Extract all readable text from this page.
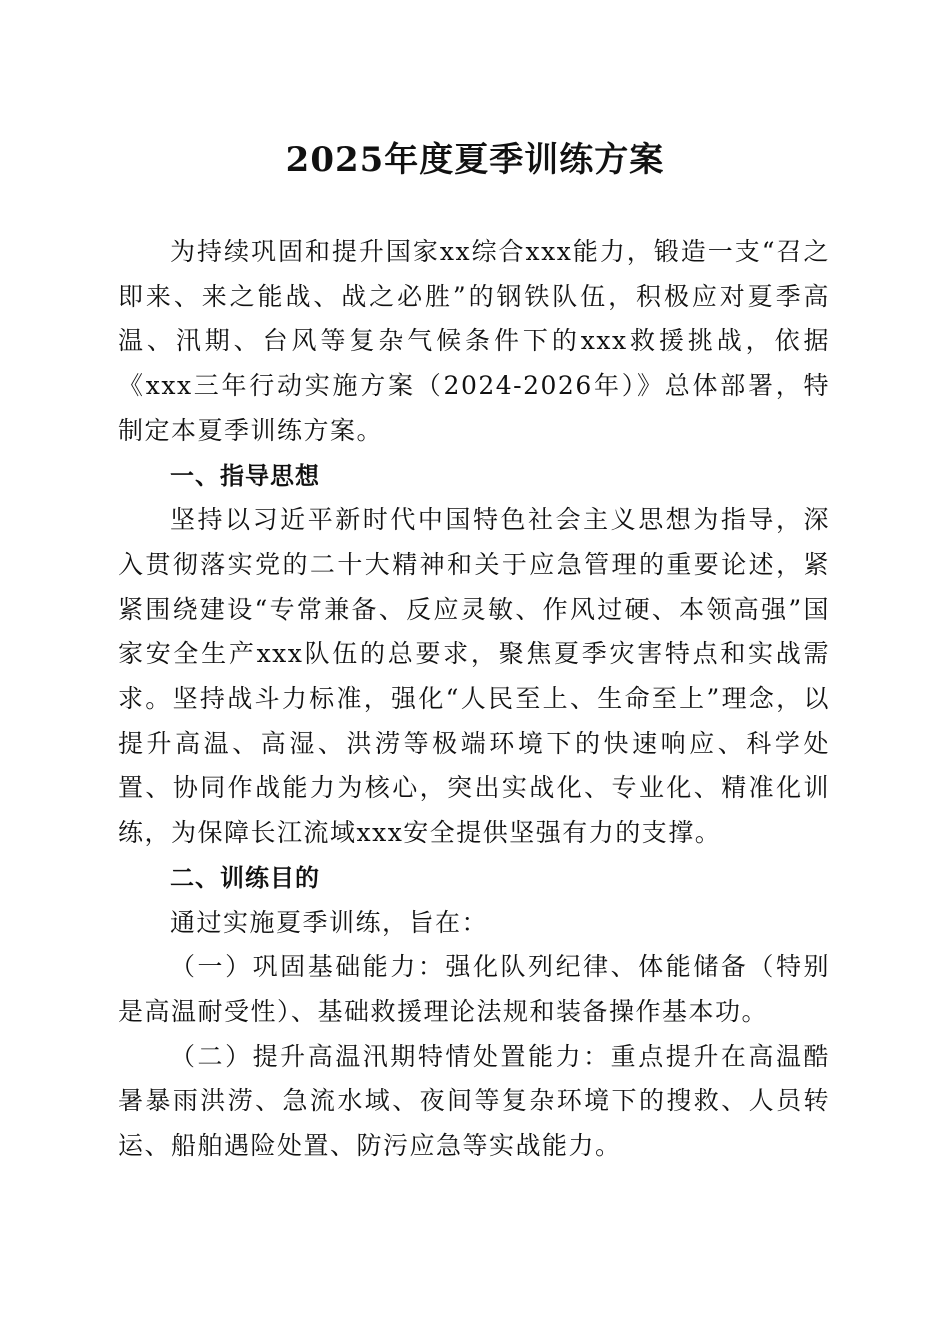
2025年度夏季训练方案

为持续巩固和提升国家xx综合xxx能力，锻造一支“召之即来、来之能战、战之必胜”的钢铁队伍，积极应对夏季高温、汛期、台风等复杂气候条件下的xxx救援挑战，依据《xxx三年行动实施方案（2024-2026年）》总体部署，特制定本夏季训练方案。

一、指导思想

坚持以习近平新时代中国特色社会主义思想为指导，深入贯彻落实党的二十大精神和关于应急管理的重要论述，紧紧围绕建设“专常兼备、反应灵敏、作风过硬、本领高强”国家安全生产xxx队伍的总要求，聚焦夏季灾害特点和实战需求。坚持战斗力标准，强化“人民至上、生命至上”理念，以提升高温、高湿、洪涝等极端环境下的快速响应、科学处置、协同作战能力为核心，突出实战化、专业化、精准化训练，为保障长江流域xxx安全提供坚强有力的支撑。

二、训练目的

通过实施夏季训练，旨在：

（一）巩固基础能力：强化队列纪律、体能储备（特别是高温耐受性）、基础救援理论法规和装备操作基本功。

（二）提升高温汛期特情处置能力：重点提升在高温酷暑暴雨洪涝、急流水域、夜间等复杂环境下的搜救、人员转运、船舶遇险处置、防污应急等实战能力。
